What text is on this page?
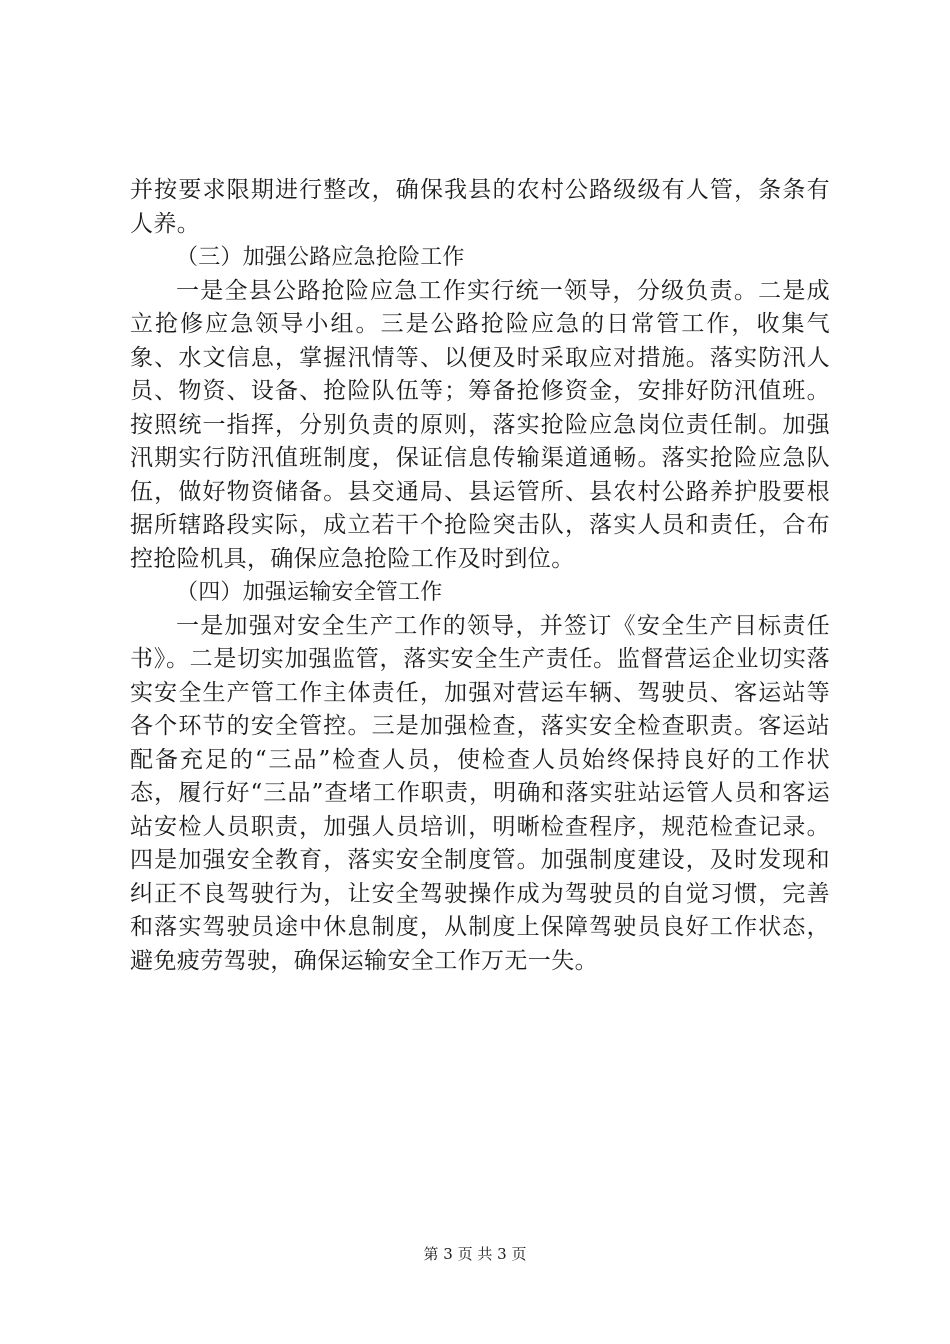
并按要求限期进行整改，确保我县的农村公路级级有人管，条条有人养。

（三）加强公路应急抢险工作

一是全县公路抢险应急工作实行统一领导，分级负责。二是成立抢修应急领导小组。三是公路抢险应急的日常管工作，收集气象、水文信息，掌握汛情等、以便及时采取应对措施。落实防汛人员、物资、设备、抢险队伍等；筹备抢修资金，安排好防汛值班。按照统一指挥，分别负责的原则，落实抢险应急岗位责任制。加强汛期实行防汛值班制度，保证信息传输渠道通畅。落实抢险应急队伍，做好物资储备。县交通局、县运管所、县农村公路养护股要根据所辖路段实际，成立若干个抢险突击队，落实人员和责任，合布控抢险机具，确保应急抢险工作及时到位。

（四）加强运输安全管工作

一是加强对安全生产工作的领导，并签订《安全生产目标责任书》。二是切实加强监管，落实安全生产责任。监督营运企业切实落实安全生产管工作主体责任，加强对营运车辆、驾驶员、客运站等各个环节的安全管控。三是加强检查，落实安全检查职责。客运站配备充足的“三品”检查人员，使检查人员始终保持良好的工作状态，履行好“三品”查堵工作职责，明确和落实驻站运管人员和客运站安检人员职责，加强人员培训，明晰检查程序，规范检查记录。四是加强安全教育，落实安全制度管。加强制度建设，及时发现和纠正不良驾驶行为，让安全驾驶操作成为驾驶员的自觉习惯，完善和落实驾驶员途中休息制度，从制度上保障驾驶员良好工作状态，避免疲劳驾驶，确保运输安全工作万无一失。

第 3 页 共 3 页
